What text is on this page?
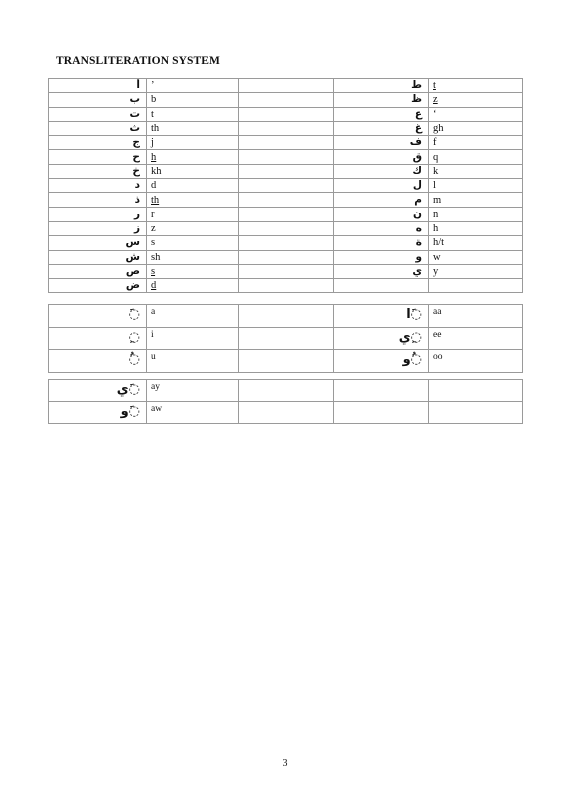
TRANSLITERATION SYSTEM
أ	ʼ		ط	t
ب	b		ظ	z
ت	t		ع	ʻ
ث	th		غ	gh
ج	j		ف	f
ح	h		ق	q
خ	kh		ك	k
د	d		ل	l
ذ	th		م	m
ر	r		ن	n
ز	z		ه	h
س	s		ة	h/t
ش	sh		و	w
ص	s		ي	y
ض	d			
◌َ	a		◌َا	aa
◌ِ	i		◌ِي	ee
◌ُ	u		◌ُو	oo
◌َي	ay			
◌َو	aw			
3
